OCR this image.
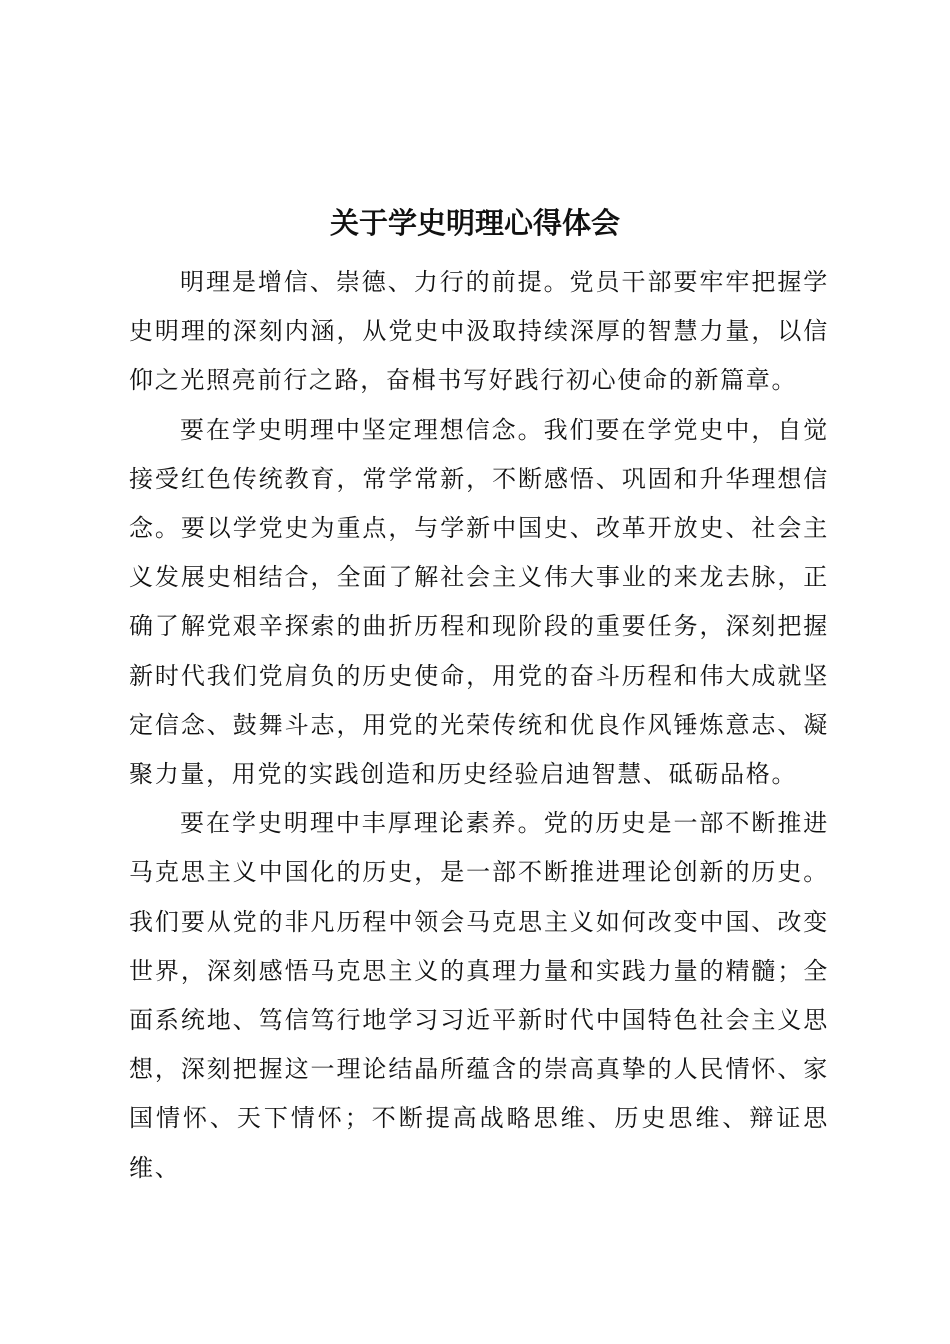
关于学史明理心得体会

明理是增信、崇德、力行的前提。党员干部要牢牢把握学史明理的深刻内涵，从党史中汲取持续深厚的智慧力量，以信仰之光照亮前行之路，奋楫书写好践行初心使命的新篇章。

要在学史明理中坚定理想信念。我们要在学党史中，自觉接受红色传统教育，常学常新，不断感悟、巩固和升华理想信念。要以学党史为重点，与学新中国史、改革开放史、社会主义发展史相结合，全面了解社会主义伟大事业的来龙去脉，正确了解党艰辛探索的曲折历程和现阶段的重要任务，深刻把握新时代我们党肩负的历史使命，用党的奋斗历程和伟大成就坚定信念、鼓舞斗志，用党的光荣传统和优良作风锤炼意志、凝聚力量，用党的实践创造和历史经验启迪智慧、砥砺品格。

要在学史明理中丰厚理论素养。党的历史是一部不断推进马克思主义中国化的历史，是一部不断推进理论创新的历史。我们要从党的非凡历程中领会马克思主义如何改变中国、改变世界，深刻感悟马克思主义的真理力量和实践力量的精髓；全面系统地、笃信笃行地学习习近平新时代中国特色社会主义思想，深刻把握这一理论结晶所蕴含的崇高真挚的人民情怀、家国情怀、天下情怀；不断提高战略思维、历史思维、辩证思维、
